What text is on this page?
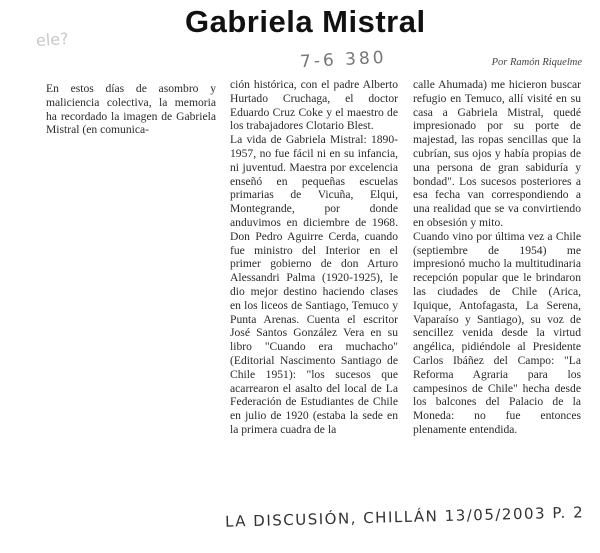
Gabriela Mistral
ele?
7-6 380	Por Ramón Riquelme

En estos días de asombro y maliciencia colectiva, la memoria ha recordado la imagen de Gabriela Mistral (en comunica-

ción histórica, con el padre Alberto Hurtado Cruchaga, el doctor Eduardo Cruz Coke y el maestro de los trabajadores Clotario Blest.

La vida de Gabriela Mistral: 1890-1957, no fue fácil ni en su infancia, ni juventud. Maestra por excelencia enseñó en pequeñas escuelas primarias de Vicuña, Elqui, Montegrande, por donde anduvimos en diciembre de 1968. Don Pedro Aguirre Cerda, cuando fue ministro del Interior en el primer gobierno de don Arturo Alessandri Palma (1920-1925), le dio mejor destino haciendo clases en los liceos de Santiago, Temuco y Punta Arenas. Cuenta el escritor José Santos González Vera en su libro "Cuando era muchacho" (Editorial Nascimento Santiago de Chile 1951): "los sucesos que acarrearon el asalto del local de La Federación de Estudiantes de Chile en julio de 1920 (estaba la sede en la primera cuadra de la

calle Ahumada) me hicieron buscar refugio en Temuco, allí visité en su casa a Gabriela Mistral, quedé impresionado por su porte de majestad, las ropas sencillas que la cubrían, sus ojos y había propias de una persona de gran sabiduría y bondad". Los sucesos posteriores a esa fecha van correspondiendo a una realidad que se va convirtiendo en obsesión y mito.

Cuando vino por última vez a Chile (septiembre de 1954) me impresionó mucho la multitudinaria recepción popular que le brindaron las ciudades de Chile (Arica, Iquique, Antofagasta, La Serena, Vaparaíso y Santiago), su voz de sencillez venida desde la virtud angélica, pidiéndole al Presidente Carlos Ibáñez del Campo: "La Reforma Agraria para los campesinos de Chile" hecha desde los balcones del Palacio de la Moneda: no fue entonces plenamente entendida.

LA DISCUSIÓN, CHILLÁN 13/05/2003 P. 2
